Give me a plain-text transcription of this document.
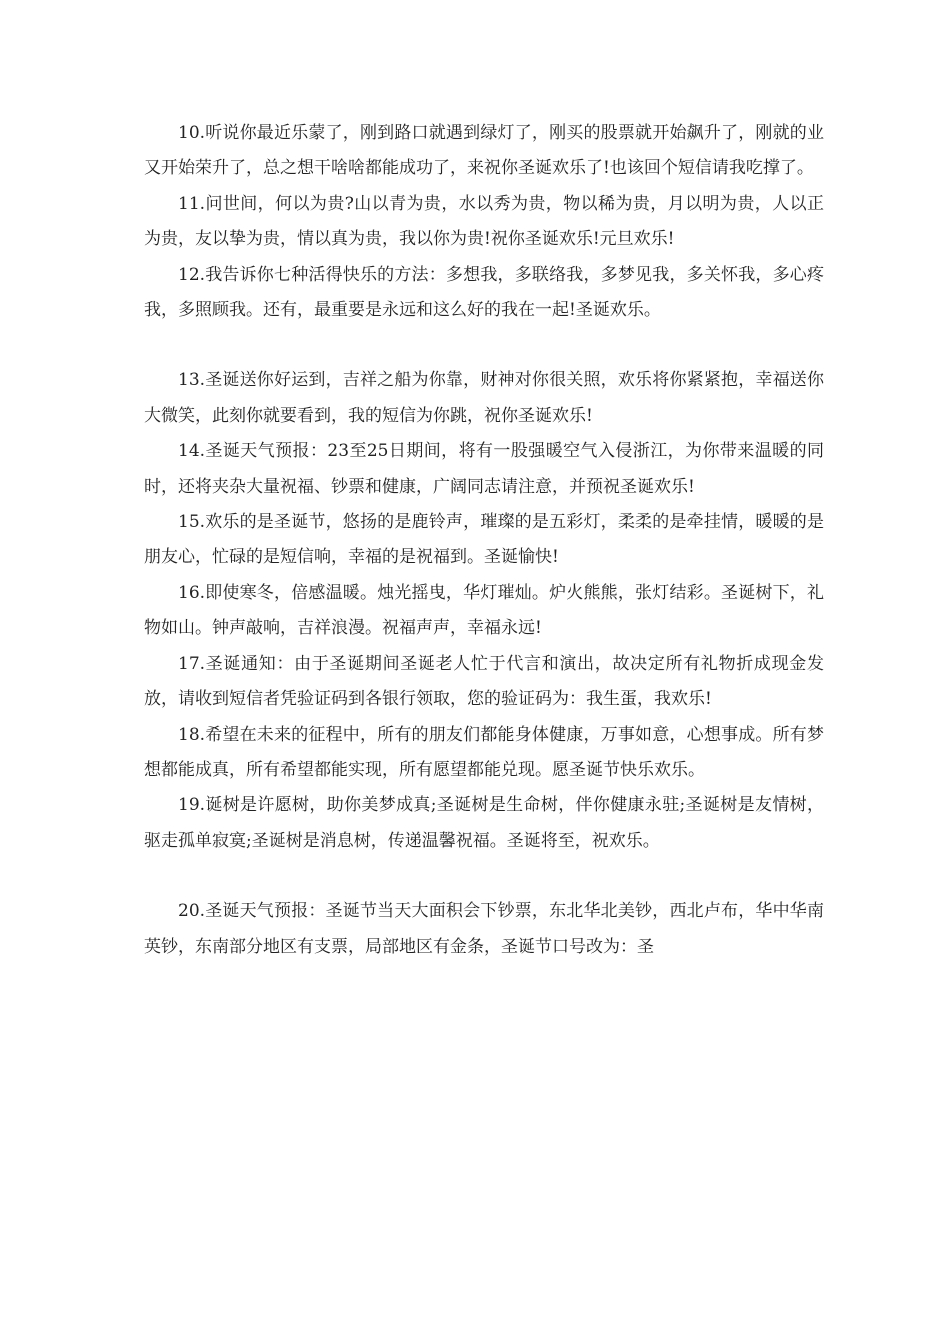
10.听说你最近乐蒙了，刚到路口就遇到绿灯了，刚买的股票就开始飙升了，刚就的业又开始荣升了，总之想干啥啥都能成功了，来祝你圣诞欢乐了!也该回个短信请我吃撑了。

11.问世间，何以为贵?山以青为贵，水以秀为贵，物以稀为贵，月以明为贵，人以正为贵，友以挚为贵，情以真为贵，我以你为贵!祝你圣诞欢乐!元旦欢乐!

12.我告诉你七种活得快乐的方法：多想我，多联络我，多梦见我，多关怀我，多心疼我，多照顾我。还有，最重要是永远和这么好的我在一起!圣诞欢乐。

13.圣诞送你好运到，吉祥之船为你靠，财神对你很关照，欢乐将你紧紧抱，幸福送你大微笑，此刻你就要看到，我的短信为你跳，祝你圣诞欢乐!

14.圣诞天气预报：23至25日期间，将有一股强暖空气入侵浙江，为你带来温暖的同时，还将夹杂大量祝福、钞票和健康，广阔同志请注意，并预祝圣诞欢乐!

15.欢乐的是圣诞节，悠扬的是鹿铃声，璀璨的是五彩灯，柔柔的是牵挂情，暖暖的是朋友心，忙碌的是短信响，幸福的是祝福到。圣诞愉快!

16.即使寒冬，倍感温暖。烛光摇曳，华灯璀灿。炉火熊熊，张灯结彩。圣诞树下，礼物如山。钟声敲响，吉祥浪漫。祝福声声，幸福永远!

17.圣诞通知：由于圣诞期间圣诞老人忙于代言和演出，故决定所有礼物折成现金发放，请收到短信者凭验证码到各银行领取，您的验证码为：我生蛋，我欢乐!

18.希望在未来的征程中，所有的朋友们都能身体健康，万事如意，心想事成。所有梦想都能成真，所有希望都能实现，所有愿望都能兑现。愿圣诞节快乐欢乐。

19.诞树是许愿树，助你美梦成真;圣诞树是生命树，伴你健康永驻;圣诞树是友情树，驱走孤单寂寞;圣诞树是消息树，传递温馨祝福。圣诞将至，祝欢乐。

20.圣诞天气预报：圣诞节当天大面积会下钞票，东北华北美钞，西北卢布，华中华南英钞，东南部分地区有支票，局部地区有金条，圣诞节口号改为：圣
